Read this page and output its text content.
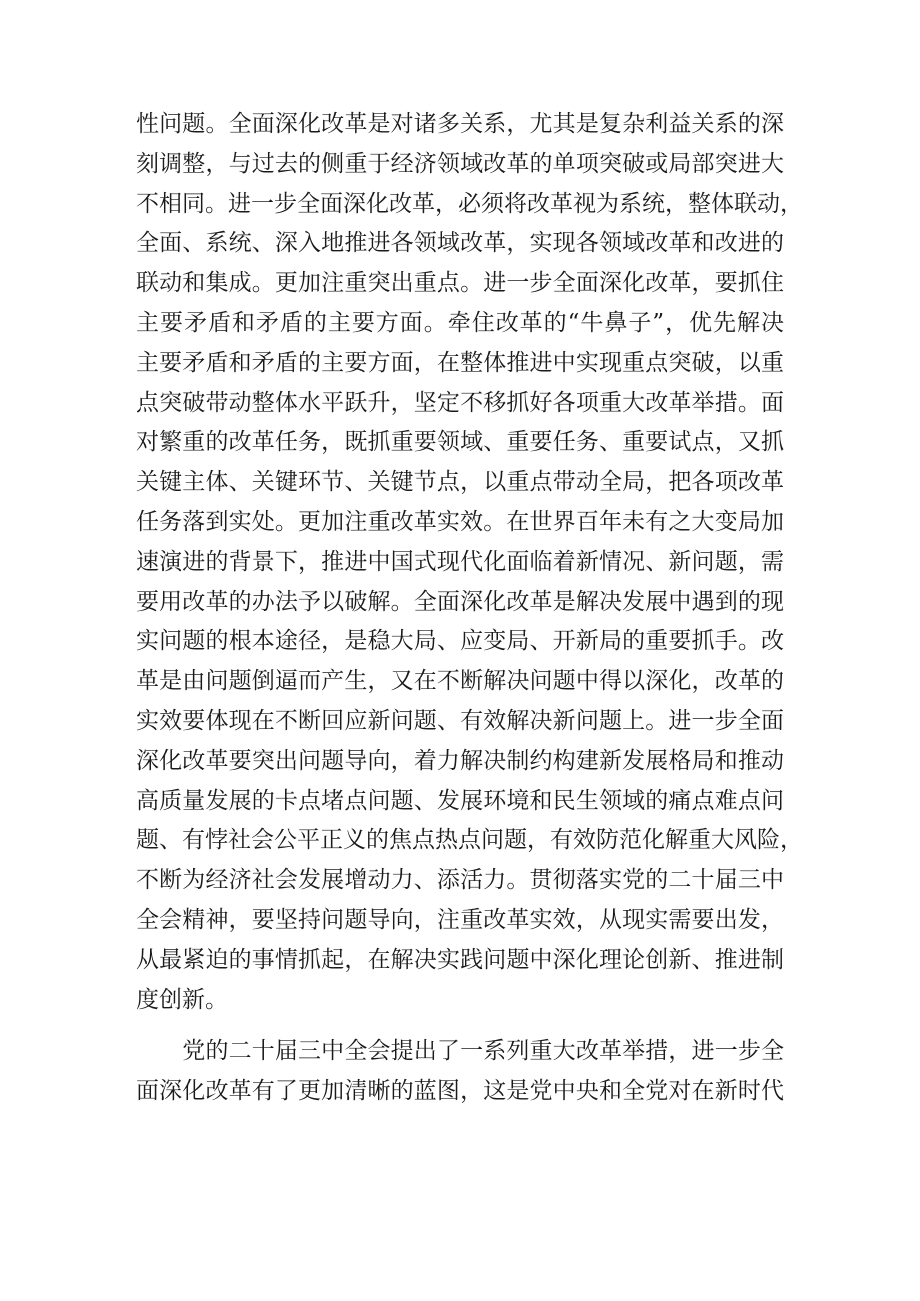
性问题。全面深化改革是对诸多关系，尤其是复杂利益关系的深
刻调整，与过去的侧重于经济领域改革的单项突破或局部突进大
不相同。进一步全面深化改革，必须将改革视为系统，整体联动，
全面、系统、深入地推进各领域改革，实现各领域改革和改进的
联动和集成。更加注重突出重点。进一步全面深化改革，要抓住
主要矛盾和矛盾的主要方面。牵住改革的“牛鼻子”，优先解决
主要矛盾和矛盾的主要方面，在整体推进中实现重点突破，以重
点突破带动整体水平跃升，坚定不移抓好各项重大改革举措。面
对繁重的改革任务，既抓重要领域、重要任务、重要试点，又抓
关键主体、关键环节、关键节点，以重点带动全局，把各项改革
任务落到实处。更加注重改革实效。在世界百年未有之大变局加
速演进的背景下，推进中国式现代化面临着新情况、新问题，需
要用改革的办法予以破解。全面深化改革是解决发展中遇到的现
实问题的根本途径，是稳大局、应变局、开新局的重要抓手。改
革是由问题倒逼而产生，又在不断解决问题中得以深化，改革的
实效要体现在不断回应新问题、有效解决新问题上。进一步全面
深化改革要突出问题导向，着力解决制约构建新发展格局和推动
高质量发展的卡点堵点问题、发展环境和民生领域的痛点难点问
题、有悖社会公平正义的焦点热点问题，有效防范化解重大风险，
不断为经济社会发展增动力、添活力。贯彻落实党的二十届三中
全会精神，要坚持问题导向，注重改革实效，从现实需要出发，
从最紧迫的事情抓起，在解决实践问题中深化理论创新、推进制
度创新。
　　党的二十届三中全会提出了一系列重大改革举措，进一步全
面深化改革有了更加清晰的蓝图，这是党中央和全党对在新时代
